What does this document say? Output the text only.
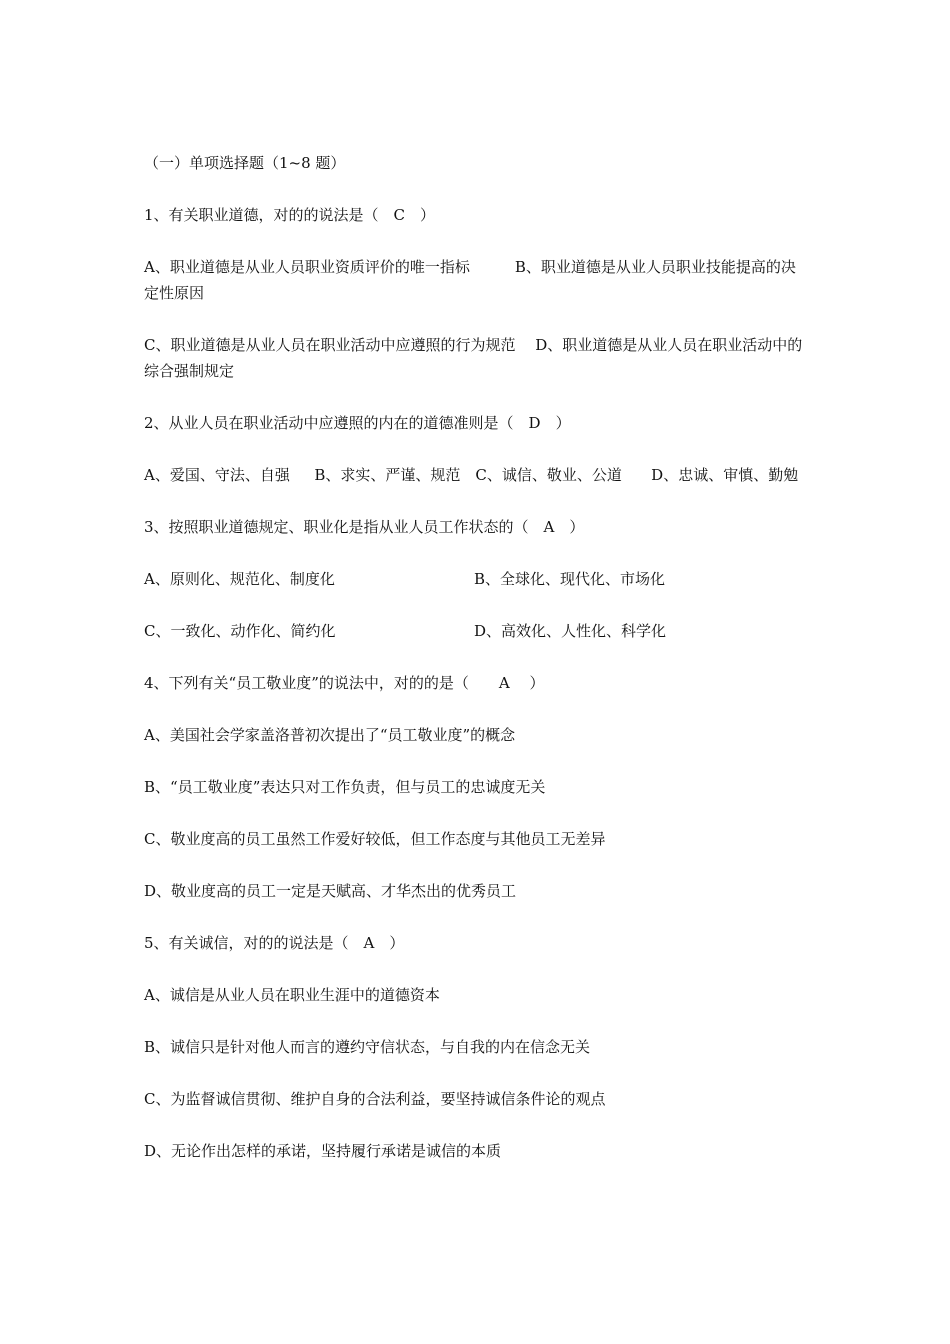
（一）单项选择题（1~8 题）

1、有关职业道德，对的的说法是（　C　）

A、职业道德是从业人员职业资质评价的唯一指标　　　B、职业道德是从业人员职业技能提高的决定性原因

C、职业道德是从业人员在职业活动中应遵照的行为规范　 D、职业道德是从业人员在职业活动中的综合强制规定

2、从业人员在职业活动中应遵照的内在的道德准则是（　D　）

A、爱国、守法、自强　  B、求实、严谨、规范　C、诚信、敬业、公道　   D、忠诚、审慎、勤勉

3、按照职业道德规定、职业化是指从业人员工作状态的（　A　）

A、原则化、规范化、制度化	B、全球化、现代化、市场化
C、一致化、动作化、简约化	D、高效化、人性化、科学化

4、下列有关“员工敬业度”的说法中，对的的是（　　A　 ）

A、美国社会学家盖洛普初次提出了“员工敬业度”的概念

B、“员工敬业度”表达只对工作负责，但与员工的忠诚度无关

C、敬业度高的员工虽然工作爱好较低，但工作态度与其他员工无差异

D、敬业度高的员工一定是天赋高、才华杰出的优秀员工

5、有关诚信，对的的说法是（　A　）

A、诚信是从业人员在职业生涯中的道德资本

B、诚信只是针对他人而言的遵约守信状态，与自我的内在信念无关

C、为监督诚信贯彻、维护自身的合法利益，要坚持诚信条件论的观点

D、无论作出怎样的承诺，坚持履行承诺是诚信的本质
